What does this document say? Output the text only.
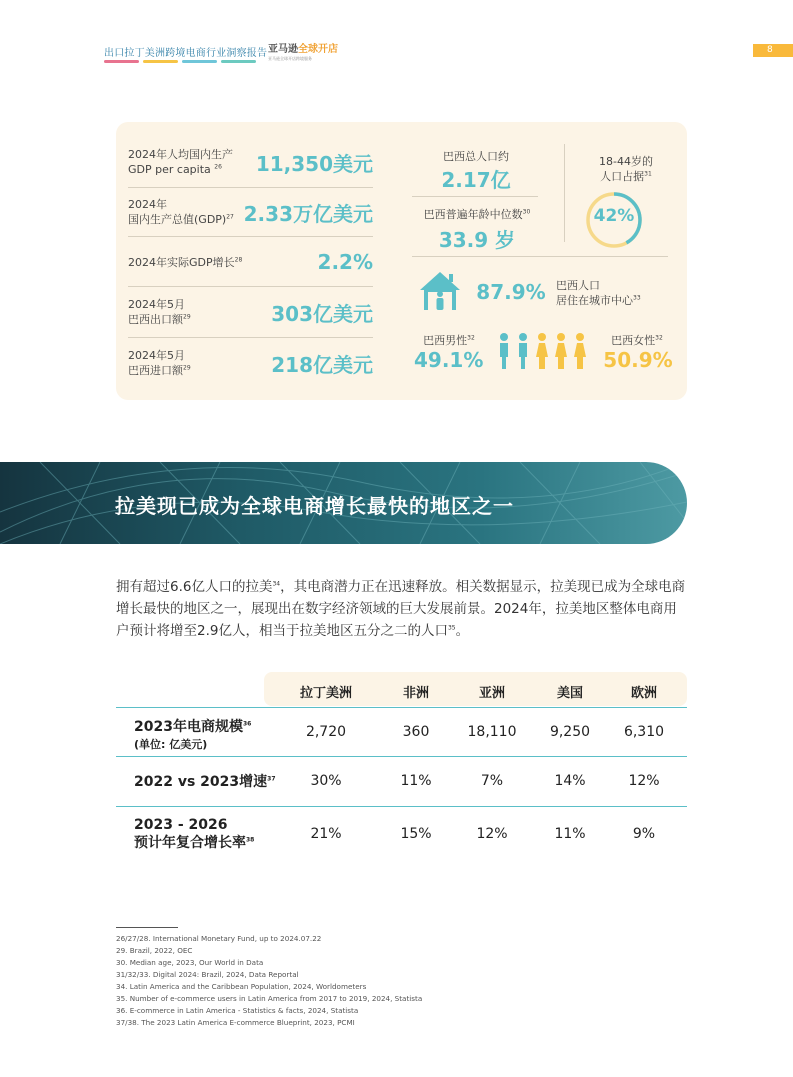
出口拉丁美洲跨境电商行业洞察报告 亚马逊全球开店
亚马逊全球开店跨境服务
8
2024年人均国内生产
GDP per capita $^{26}$	11,350美元
2024年
国内生产总值(GDP)$^{27}$ 2.33万亿美元
2024年实际GDP增长$^{28}$	2.2%
2024年5月
巴西出口额$^{29}$	303亿美元
2024年5月
巴西进口额$^{29}$	218亿美元
巴西总人口约
2.17亿
巴西普遍年龄中位数$^{30}$
33.9 岁
18-44岁的
人口占据$^{31}$
42%
87.9% 巴西人口
居住在城市中心$^{33}$
巴西男性$^{32}$
49.1%
巴西女性$^{32}$
50.9%
拉美现已成为全球电商增长最快的地区之一
拥有超过6.6亿人口的拉美$^{34}$，其电商潜力正在迅速释放。相关数据显示，拉美现已成为全球电商增长最快的地区之一，展现出在数字经济领域的巨大发展前景。2024年，拉美地区整体电商用户预计将增至2.9亿人，相当于拉美地区五分之二的人口$^{35}$。
拉丁美洲	非洲	亚洲	美国	欧洲
2023年电商规模$^{36}$
(单位: 亿美元)
2,720	360	18,110	9,250	6,310
2022 vs 2023增速$^{37}$	30%	11%	7%	14%	12%
2023 - 2026
预计年复合增长率$^{38}$	21%	15%	12%	11%	9%
26/27/28. International Monetary Fund, up to 2024.07.22
29. Brazil, 2022, OEC
30. Median age, 2023, Our World in Data
31/32/33. Digital 2024: Brazil, 2024, Data Reportal
34. Latin America and the Caribbean Population, 2024, Worldometers
35. Number of e-commerce users in Latin America from 2017 to 2019, 2024, Statista
36. E-commerce in Latin America - Statistics & facts, 2024, Statista
37/38. The 2023 Latin America E-commerce Blueprint, 2023, PCMI
